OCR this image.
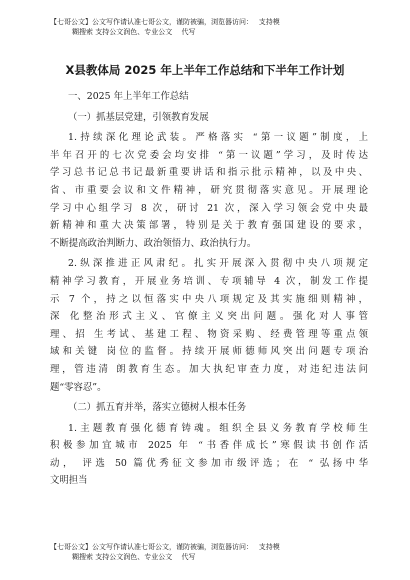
【七哥公文】公文写作请认准七哥公文，谨防被骗，浏览器访问：　 支持模
糊搜索 支持公文润色、专业公文　 代写
X县教体局 2025 年上半年工作总结和下半年工作计划
一、2025 年上半年工作总结
（一）抓基层党建，引领教育发展
1.持续深化理论武装。严格落实 “第一议题”制度，上
半年召开的七次党委会均安排 “第一议题”学习，及时传达
学习总书记总书记最新重要讲话和指示批示精神，以及中央、
省、市重要会议和文件精神，研究贯彻落实意见。开展理论
学习中心组学习 8 次，研讨 21 次，深入学习领会党中央最
新精神和重大决策部署，特别是关于教育强国建设的要求，
不断提高政治判断力、政治领悟力、政治执行力。
2.纵深推进正风肃纪。扎实开展深入贯彻中央八项规定
精神学习教育，开展业务培训、专项辅导 4 次，制发工作提
示 7 个，持之以恒落实中央八项规定及其实施细则精神，
深 化整治形式主义、官僚主义突出问题。强化对人事管
理、招 生考试、基建工程、物资采购、经费管理等重点领
域和关键 岗位的监督。持续开展师德师风突出问题专项治
理，管违清 朗教育生态。加大执纪审查力度，对违纪违法问
题“零容忍”。
（二）抓五育并举，落实立德树人根本任务
1.主题教育强化德育铸魂。组织全县义务教育学校师生
积极参加宜城市 2025 年 “书香伴成长”寒假读书创作活
动， 评选 50 篇优秀征文参加市级评选；在 “ 弘扬中华
文明担当
【七哥公文】公文写作请认准七哥公文，谨防被骗，浏览器访问：　 支持模
糊搜索 支持公文润色、专业公文　 代写
